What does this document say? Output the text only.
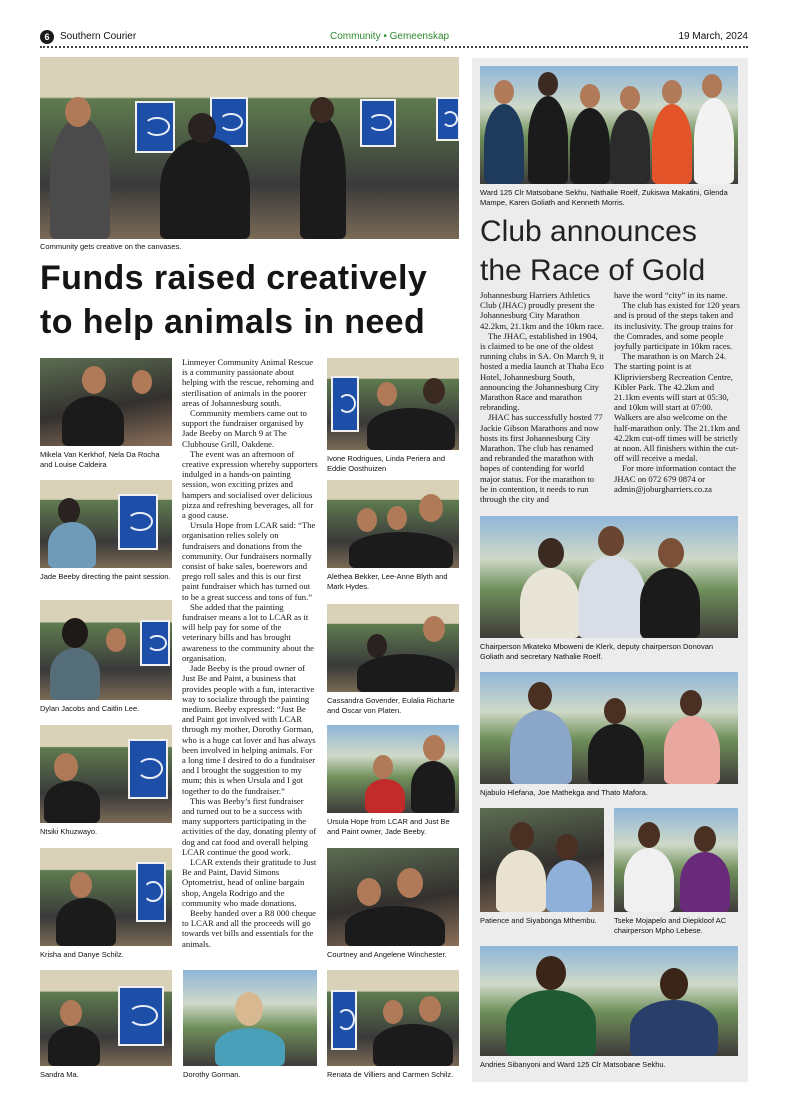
6	Southern Courier	Community • Gemeenskap	19 March, 2024
Community gets creative on the canvases.
Funds raised creatively
to help animals in need
Mikela Van Kerkhof, Nela Da Rocha and Louise Caldeira
Jade Beeby directing the paint session.
Dylan Jacobs and Caitlin Lee.
Ntsiki Khuzwayo.
Krisha and Danye Schilz.

Linmeyer Community Animal Rescue is a community passionate about helping with the rescue, rehoming and sterilisation of animals in the poorer areas of Johannesburg south.

Community members came out to support the fundraiser organised by Jade Beeby on March 9 at The Clubhouse Grill, Oakdene.

The event was an afternoon of creative expression whereby supporters indulged in a hands-on painting session, won exciting prizes and hampers and socialised over delicious pizza and refreshing beverages, all for a good cause.

Ursula Hope from LCAR said: “The organisation relies solely on fundraisers and donations from the community. Our fundraisers normally consist of bake sales, boerewors and prego roll sales and this is our first paint fundraiser which has turned out to be a great success and tons of fun.”

She added that the painting fundraiser means a lot to LCAR as it will help pay for some of the veterinary bills and has brought awareness to the community about the organisation.

Jade Beeby is the proud owner of Just Be and Paint, a business that provides people with a fun, interactive way to socialize through the painting medium. Beeby expressed: “Just Be and Paint got involved with LCAR through my mother, Dorothy Gorman, who is a huge cat lover and has always been involved in helping animals. For a long time I desired to do a fundraiser and I brought the suggestion to my mum; this is when Ursula and I got together to do the fundraiser.”

This was Beeby’s first fundraiser and turned out to be a success with many supporters participating in the activities of the day, donating plenty of dog and cat food and overall helping LCAR continue the good work.

LCAR extends their gratitude to Just Be and Paint, David Simons Optometrist, head of online bargain shop, Angela Rodrigo and the community who made donations.

Beeby handed over a R8 000 cheque to LCAR and all the proceeds will go towards vet bills and essentials for the animals.

Ivone Rodrigues, Linda Periera and Eddie Oosthuizen
Alethea Bekker, Lee-Anne Blyth and Mark Hydes.
Cassandra Govender, Eulalia Richarte and Oscar von Platen.
Ursula Hope from LCAR and Just Be and Paint owner, Jade Beeby.
Courtney and Angelene Winchester.
Sandra Ma.	Dorothy Gorman.	Renata de Villiers and Carmen Schilz.
Ward 125 Clr Matsobane Sekhu, Nathalie Roelf, Zukiswa Makatini, Glenda Mampe, Karen Goliath and Kenneth Morris.
Club announces
the Race of Gold

Johannesburg Harriers Athletics Club (JHAC) proudly present the Johannesburg City Marathon 42.2km, 21.1km and the 10km race.

The JHAC, established in 1904, is claimed to be one of the oldest running clubs in SA. On March 9, it hosted a media launch at Thaba Eco Hotel, Johannesburg South, announcing the Johannesburg City Marathon Race and marathon rebranding.

JHAC has successfully hosted 77 Jackie Gibson Marathons and now hosts its first Johannesburg City Marathon. The club has renamed and rebranded the marathon with hopes of contending for world major status. For the marathon to be in contention, it needs to run through the city and

have the word “city” in its name.

The club has existed for 120 years and is proud of the steps taken and its inclusivity. The group trains for the Comrades, and some people joyfully participate in 10km races.

The marathon is on March 24. The starting point is at Klipriviersberg Recreation Centre, Kibler Park. The 42.2km and 21.1km events will start at 05:30, and 10km will start at 07:00. Walkers are also welcome on the half-marathon only. The 21.1km and 42.2km cut-off times will be strictly at noon. All finishers within the cut-off will receive a medal.

For more information contact the JHAC on 072 679 0874 or admin@joburgharriers.co.za

Chairperson Mkateko Mboweni de Klerk, deputy chairperson Donovan Goliath and secretary Nathalie Roelf.
Njabulo Hlefana, Joe Mathekga and Thato Mafora.
Patience and Siyabonga Mthembu.	Tseke Mojapelo and Diepkloof AC chairperson Mpho Lebese.
Andries Sibanyoni and Ward 125 Clr Matsobane Sekhu.
